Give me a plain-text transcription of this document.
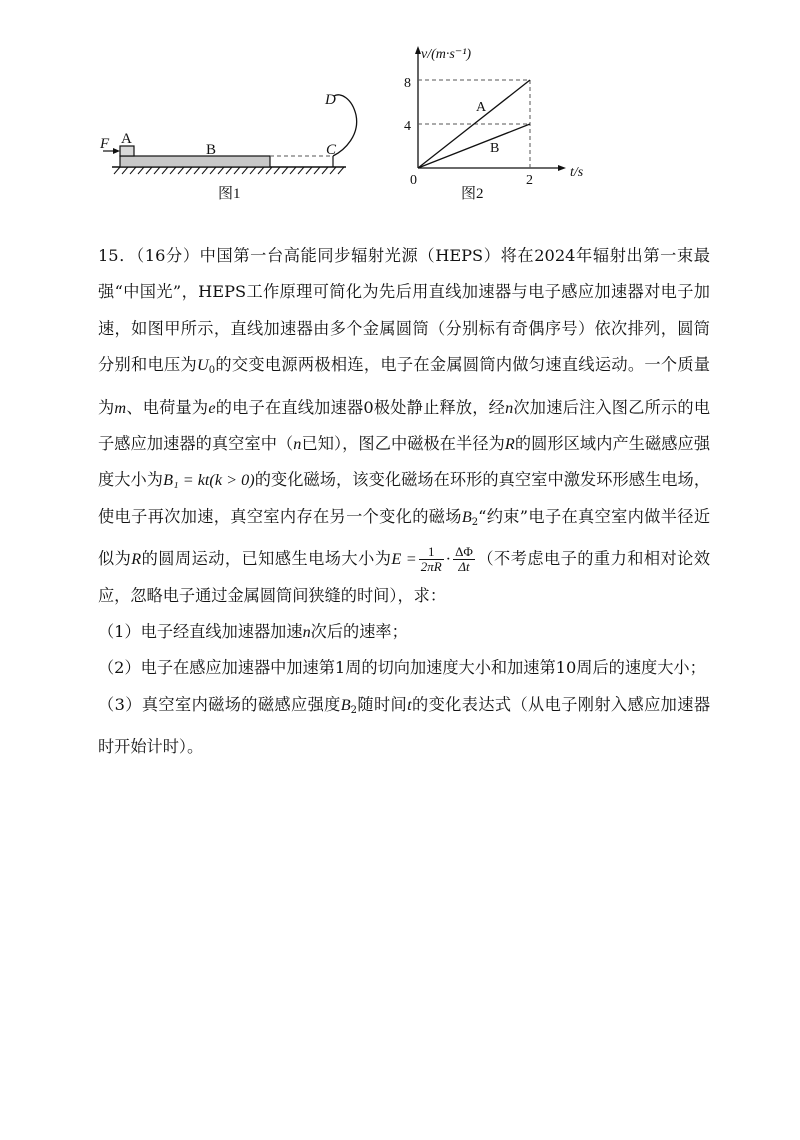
F A
B	C
D
图1
v/(m·s⁻¹)
t/s
0
4
8
2
A
B
图2

15．（16分）中国第一台高能同步辐射光源（HEPS）将在2024年辐射出第一束最强“中国光”，HEPS工作原理可简化为先后用直线加速器与电子感应加速器对电子加速，如图甲所示，直线加速器由多个金属圆筒（分别标有奇偶序号）依次排列，圆筒分别和电压为$U_0$的交变电源两极相连，电子在金属圆筒内做匀速直线运动。一个质量为m、电荷量为e的电子在直线加速器0极处静止释放，经n次加速后注入图乙所示的电子感应加速器的真空室中（n已知），图乙中磁极在半径为R的圆形区域内产生磁感应强度大小为B₁ = kt(k > 0)的变化磁场，该变化磁场在环形的真空室中激发环形感生电场，使电子再次加速，真空室内存在另一个变化的磁场$B_2“$约束”电子在真空室内做半径近似为R的圆周运动，已知感生电场大小为$E = \frac{1}{2\pi R} \cdot \frac{\Delta\Phi}{\Delta t}$ （不考虑电子的重力和相对论效应，忽略电子通过金属圆筒间狭缝的时间），求：

（1）电子经直线加速器加速n次后的速率；

（2）电子在感应加速器中加速第1周的切向加速度大小和加速第10周后的速度大小；

（3）真空室内磁场的磁感应强度$B_2$随时间t的变化表达式（从电子刚射入感应加速器时开始计时）。
